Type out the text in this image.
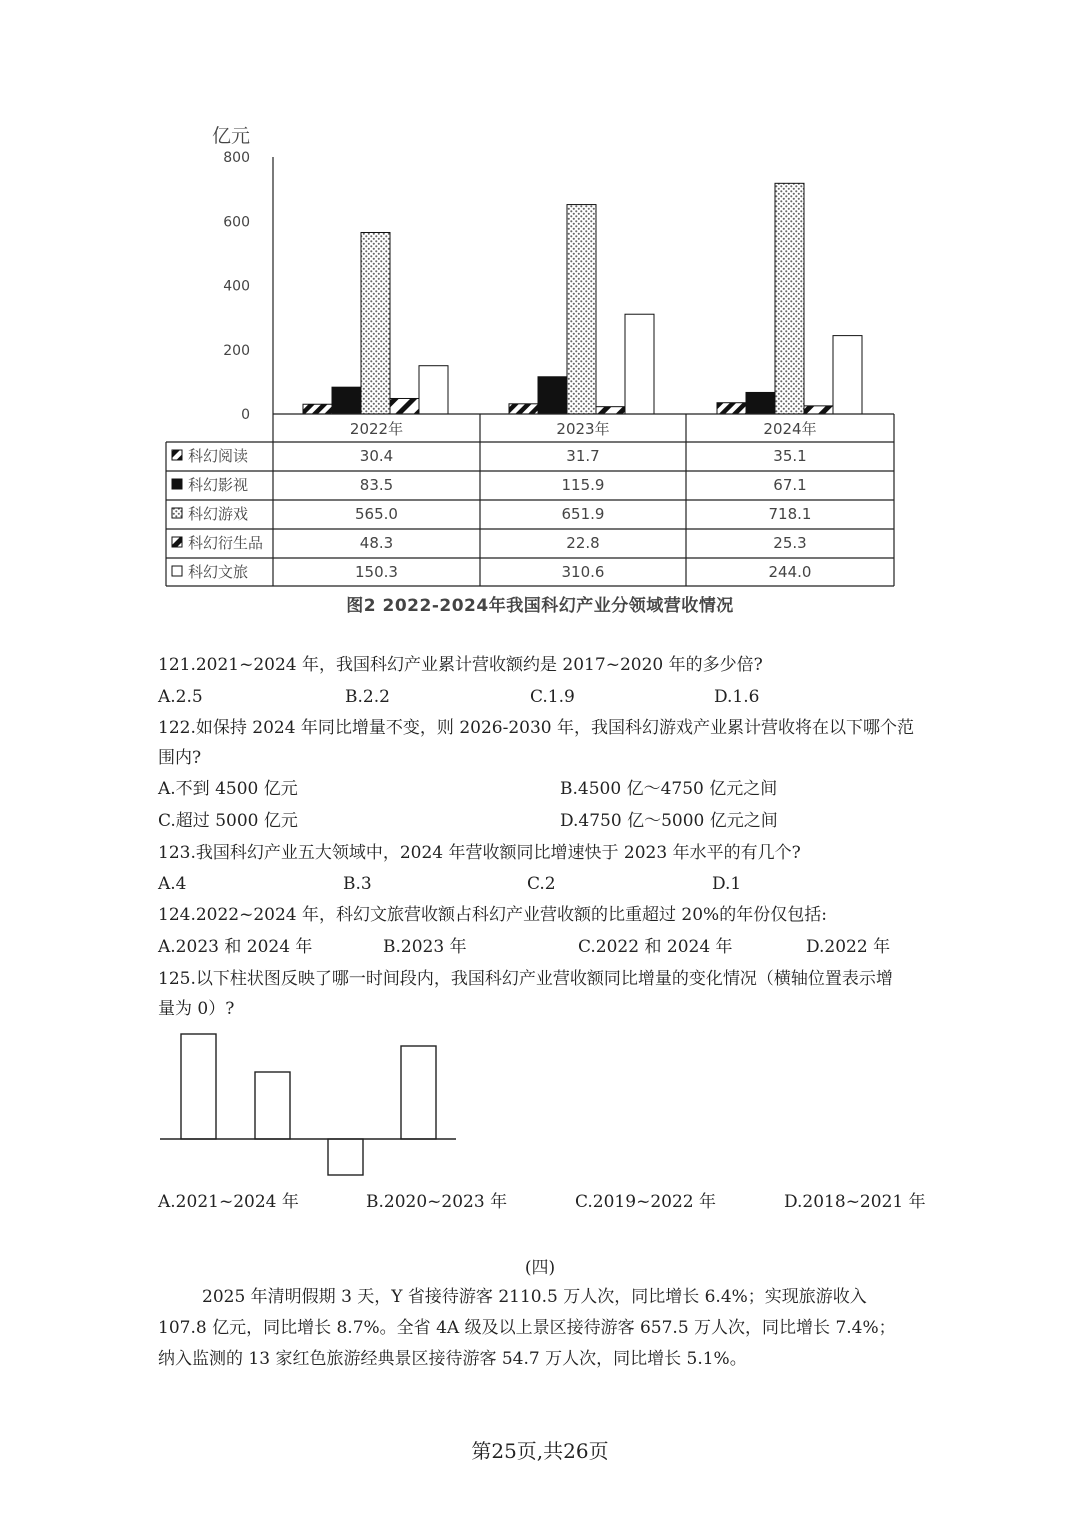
亿元
0
200
400
600
800
2022年	2023年	2024年
科幻阅读	30.4	31.7	35.1
科幻影视	83.5	115.9	67.1
科幻游戏	565.0	651.9	718.1
科幻衍生品	48.3	22.8	25.3
科幻文旅	150.3	310.6	244.0
图2 2022-2024年我国科幻产业分领域营收情况
121.2021~2024 年，我国科幻产业累计营收额约是 2017~2020 年的多少倍?
A.2.5	B.2.2	C.1.9	D.1.6
122.如保持 2024 年同比增量不变，则 2026-2030 年，我国科幻游戏产业累计营收将在以下哪个范
围内?
A.不到 4500 亿元	B.4500 亿～4750 亿元之间
C.超过 5000 亿元	D.4750 亿～5000 亿元之间
123.我国科幻产业五大领域中，2024 年营收额同比增速快于 2023 年水平的有几个?
A.4	B.3	C.2	D.1
124.2022~2024 年，科幻文旅营收额占科幻产业营收额的比重超过 20%的年份仅包括:
A.2023 和 2024 年	B.2023 年	C.2022 和 2024 年	D.2022 年
125.以下柱状图反映了哪一时间段内，我国科幻产业营收额同比增量的变化情况（横轴位置表示增
量为 0）?
A.2021~2024 年	B.2020~2023 年	C.2019~2022 年	D.2018~2021 年
(四)
2025 年清明假期 3 天，Y 省接待游客 2110.5 万人次，同比增长 6.4%；实现旅游收入
107.8 亿元，同比增长 8.7%。全省 4A 级及以上景区接待游客 657.5 万人次，同比增长 7.4%；
纳入监测的 13 家红色旅游经典景区接待游客 54.7 万人次，同比增长 5.1%。
第25页,共26页
